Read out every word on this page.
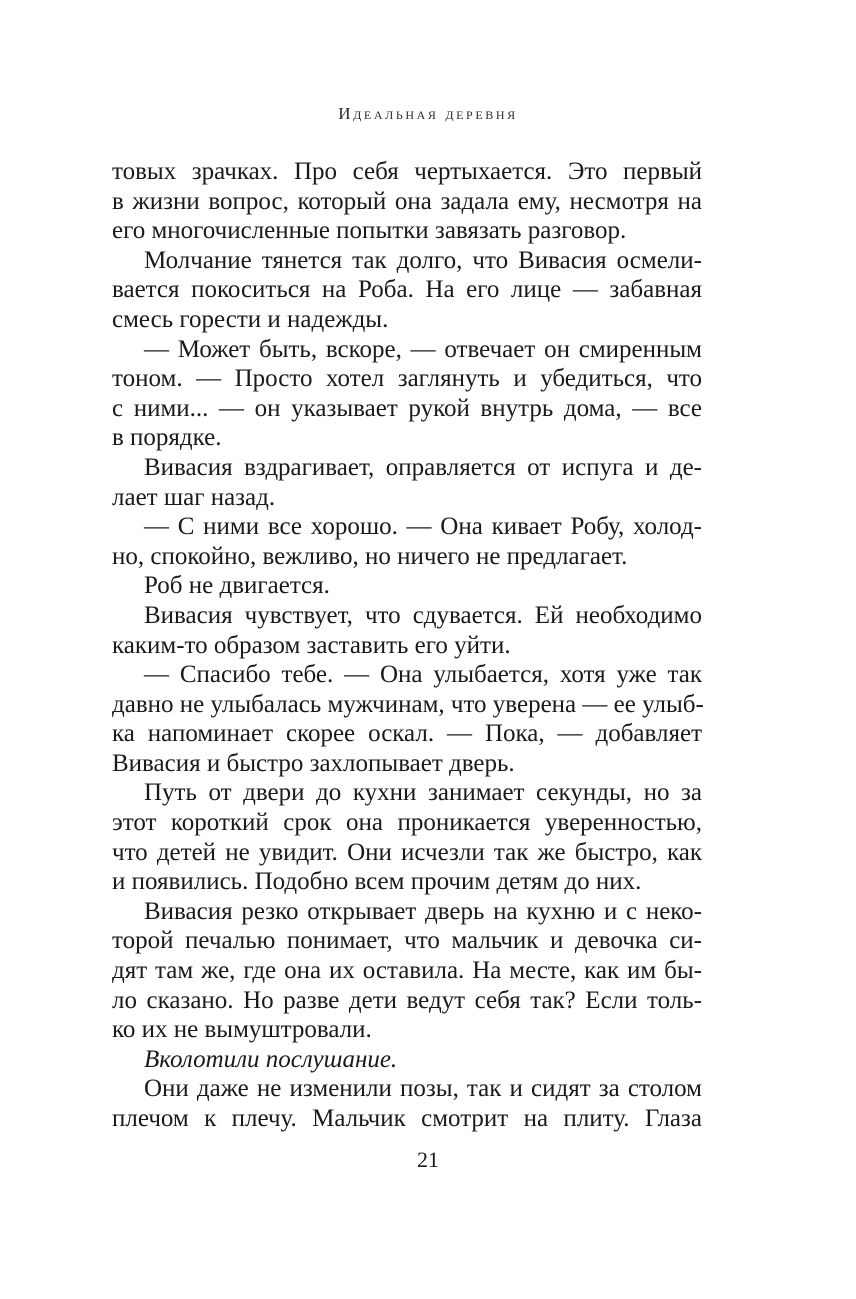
Идеальная деревня
товых зрачках. Про себя чертыхается. Это первый
в жизни вопрос, который она задала ему, несмотря на
его многочисленные попытки завязать разговор.
Молчание тянется так долго, что Вивасия осмели-
вается покоситься на Роба. На его лице — забавная
смесь горести и надежды.
— Может быть, вскоре, — отвечает он смиренным
тоном. — Просто хотел заглянуть и убедиться, что
с ними... — он указывает рукой внутрь дома, — все
в порядке.
Вивасия вздрагивает, оправляется от испуга и де-
лает шаг назад.
— С ними все хорошо. — Она кивает Робу, холод-
но, спокойно, вежливо, но ничего не предлагает.
Роб не двигается.
Вивасия чувствует, что сдувается. Ей необходимо
каким-то образом заставить его уйти.
— Спасибо тебе. — Она улыбается, хотя уже так
давно не улыбалась мужчинам, что уверена — ее улыб-
ка напоминает скорее оскал. — Пока, — добавляет
Вивасия и быстро захлопывает дверь.
Путь от двери до кухни занимает секунды, но за
этот короткий срок она проникается уверенностью,
что детей не увидит. Они исчезли так же быстро, как
и появились. Подобно всем прочим детям до них.
Вивасия резко открывает дверь на кухню и с неко-
торой печалью понимает, что мальчик и девочка си-
дят там же, где она их оставила. На месте, как им бы-
ло сказано. Но разве дети ведут себя так? Если толь-
ко их не вымуштровали.
Вколотили послушание.
Они даже не изменили позы, так и сидят за столом
плечом к плечу. Мальчик смотрит на плиту. Глаза
21
